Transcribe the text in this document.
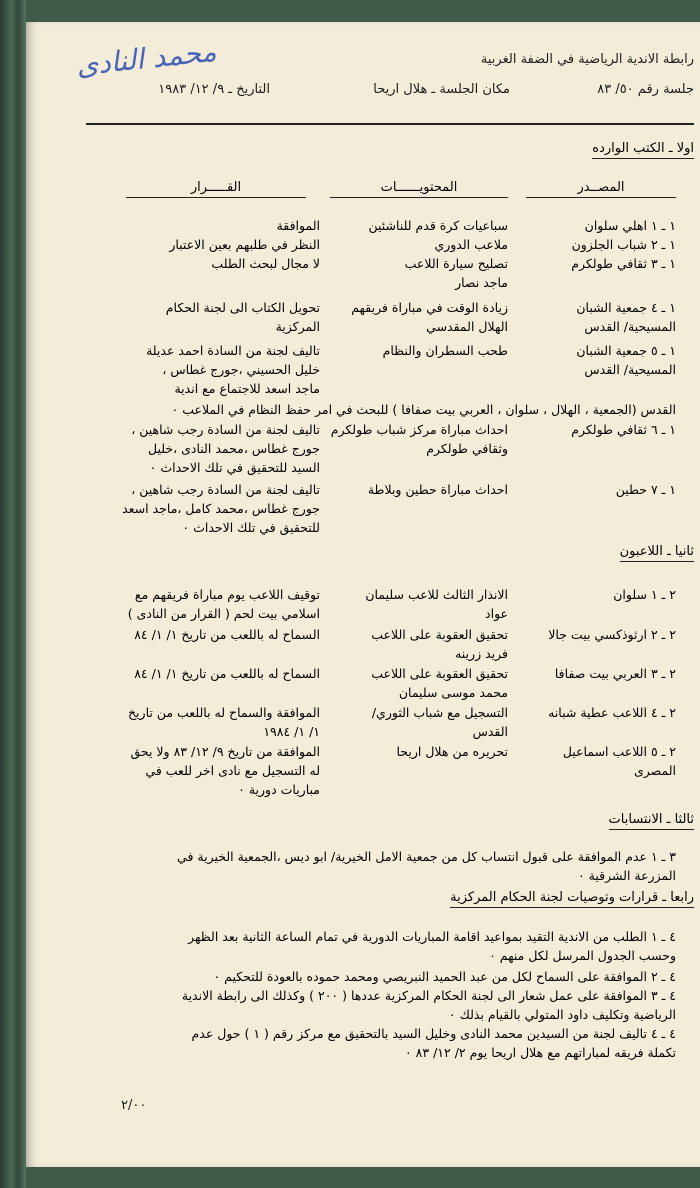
محمد النادى	رابطة الاندية الرياضية في الضفة الغربية
جلسة رقم ٥٠/ ٨٣
مكان الجلسة ـ هلال اريحا
التاريخ ـ ٩/ ١٢/ ١٩٨٣
اولا ـ الكتب الوارده
المصــدر
المحتويــــــات
القـــــرار
١ ـ ١ اهلي سلوان
سباعيات كرة قدم للناشئين
الموافقة
١ ـ ٢ شباب الجلزون
ملاعب الدوري
النظر في طلبهم بعين الاعتبار
١ ـ ٣ ثقافي طولكرم
تصليح سيارة اللاعب
ماجد نصار
لا مجال لبحث الطلب
١ ـ ٤ جمعية الشبان
المسيحية/ القدس
زيادة الوقت في مباراة فريقهم
الهلال المقدسي
تحويل الكتاب الى لجنة الحكام
المركزية
١ ـ ٥ جمعية الشبان
المسيحية/ القدس
طحب السطران والنظام
تاليف لجنة من السادة احمد عديلة
خليل الحسيني ،جورج غطاس ،
ماجد اسعد للاجتماع مع اندية
القدس (الجمعية ، الهلال ، سلوان ، العربي بيت صفافا ) للبحث في امر حفظ النظام في الملاعب ٠
١ ـ ٦ ثقافي طولكرم
احداث مباراة مركز شباب طولكرم
وثقافي طولكرم
تاليف لجنة من السادة رجب شاهين ،
جورج غطاس ،محمد النادى ،خليل
السيد للتحقيق في تلك الاحداث ٠
١ ـ ٧ حطين
احداث مباراة حطين وبلاطة
تاليف لجنة من السادة رجب شاهين ،
جورج غطاس ،محمد كامل ،ماجد اسعد
للتحقيق في تلك الاحداث ٠
ثانيا ـ اللاعبون
٢ ـ ١ سلوان
الانذار الثالث للاعب سليمان
عواد
توقيف اللاعب يوم مباراة فريقهم مع
اسلامي بيت لحم ( القرار من النادى )
٢ ـ ٢ ارثوذكسي بيت جالا
تحقيق العقوبة على اللاعب
فريد زرينه
السماح له باللعب من تاريخ ١/ ١/ ٨٤
٢ ـ ٣ العربي بيت صفافا
تحقيق العقوبة على اللاعب
محمد موسى سليمان
السماح له باللعب من تاريخ ١/ ١/ ٨٤
٢ ـ ٤ اللاعب عطية شبانه
التسجيل مع شباب الثوري/
القدس
الموافقة والسماح له باللعب من تاريخ
١/ ١/ ١٩٨٤
٢ ـ ٥ اللاعب اسماعيل
المصرى
تحريره من هلال اريحا
الموافقة من تاريخ ٩/ ١٢/ ٨٣ ولا يحق
له التسجيل مع نادى اخر للعب في
مباريات دورية ٠
ثالثا ـ الانتسابات
٣ ـ ١ عدم الموافقة على قبول انتساب كل من جمعية الامل الخيرية/ ابو ديس ،الجمعية الخيرية في
المزرعة الشرقية ٠
رابعا ـ قرارات وتوصيات لجنة الحكام المركزية
٤ ـ ١ الطلب من الاندية التقيد بمواعيد اقامة المباريات الدورية في تمام الساعة الثانية بعد الظهر
وحسب الجدول المرسل لكل منهم ٠
٤ ـ ٢ الموافقة على السماح لكل من عبد الحميد النبريصي ومحمد حموده بالعودة للتحكيم ٠
٤ ـ ٣ الموافقة على عمل شعار الى لجنة الحكام المركزية عددها ( ٢٠٠ ) وكذلك الى رابطة الاندية
الرياضية وتكليف داود المتولي بالقيام بذلك ٠
٤ ـ ٤ تاليف لجنة من السيدين محمد النادى وخليل السيد بالتحقيق مع مركز رقم ( ١ ) حول عدم
تكملة فريقه لمباراتهم مع هلال اريحا يوم ٢/ ١٢/ ٨٣ ٠
٢/٠٠
